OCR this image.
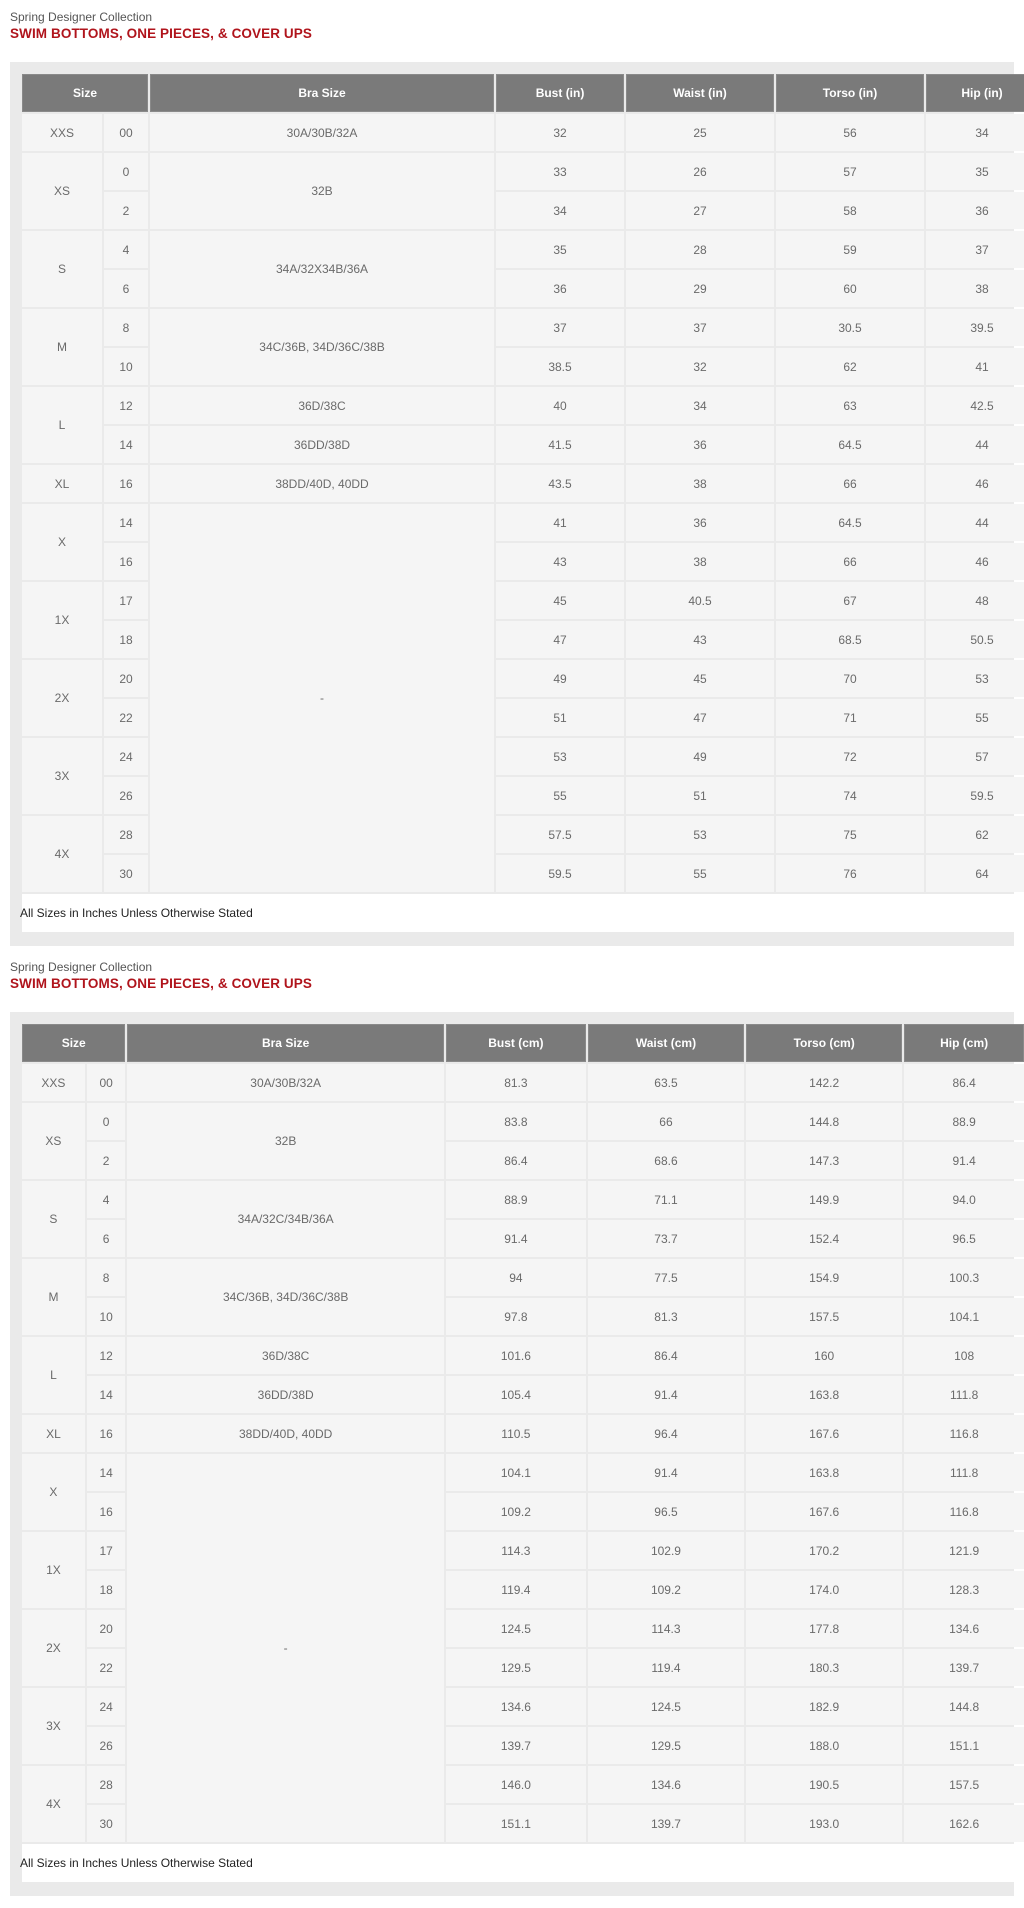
Spring Designer Collection
SWIM BOTTOMS, ONE PIECES, & COVER UPS
Size		Bra Size	Bust (in)	Waist (in)	Torso (in)	Hip (in)
XXS	00	30A/30B/32A	32	25	56	34
XS	0	32B	33	26	57	35
	2		34	27	58	36
S	4	34A/32X34B/36A	35	28	59	37
	6		36	29	60	38
M	8	34C/36B, 34D/36C/38B	37	37	30.5	39.5
	10		38.5	32	62	41
L	12	36D/38C	40	34	63	42.5
	14	36DD/38D	41.5	36	64.5	44
XL	16	38DD/40D, 40DD	43.5	38	66	46
X	14	-	41	36	64.5	44
	16		43	38	66	46
1X	17		45	40.5	67	48
	18		47	43	68.5	50.5
2X	20		49	45	70	53
	22		51	47	71	55
3X	24		53	49	72	57
	26		55	51	74	59.5
4X	28		57.5	53	75	62
	30		59.5	55	76	64
All Sizes in Inches Unless Otherwise Stated						
Spring Designer Collection
SWIM BOTTOMS, ONE PIECES, & COVER UPS
Size		Bra Size	Bust (cm)	Waist (cm)	Torso (cm)	Hip (cm)
XXS	00	30A/30B/32A	81.3	63.5	142.2	86.4
XS	0	32B	83.8	66	144.8	88.9
	2		86.4	68.6	147.3	91.4
S	4	34A/32C/34B/36A	88.9	71.1	149.9	94.0
	6		91.4	73.7	152.4	96.5
M	8	34C/36B, 34D/36C/38B	94	77.5	154.9	100.3
	10		97.8	81.3	157.5	104.1
L	12	36D/38C	101.6	86.4	160	108
	14	36DD/38D	105.4	91.4	163.8	111.8
XL	16	38DD/40D, 40DD	110.5	96.4	167.6	116.8
X	14	-	104.1	91.4	163.8	111.8
	16		109.2	96.5	167.6	116.8
1X	17		114.3	102.9	170.2	121.9
	18		119.4	109.2	174.0	128.3
2X	20		124.5	114.3	177.8	134.6
	22		129.5	119.4	180.3	139.7
3X	24		134.6	124.5	182.9	144.8
	26		139.7	129.5	188.0	151.1
4X	28		146.0	134.6	190.5	157.5
	30		151.1	139.7	193.0	162.6
All Sizes in Inches Unless Otherwise Stated						
